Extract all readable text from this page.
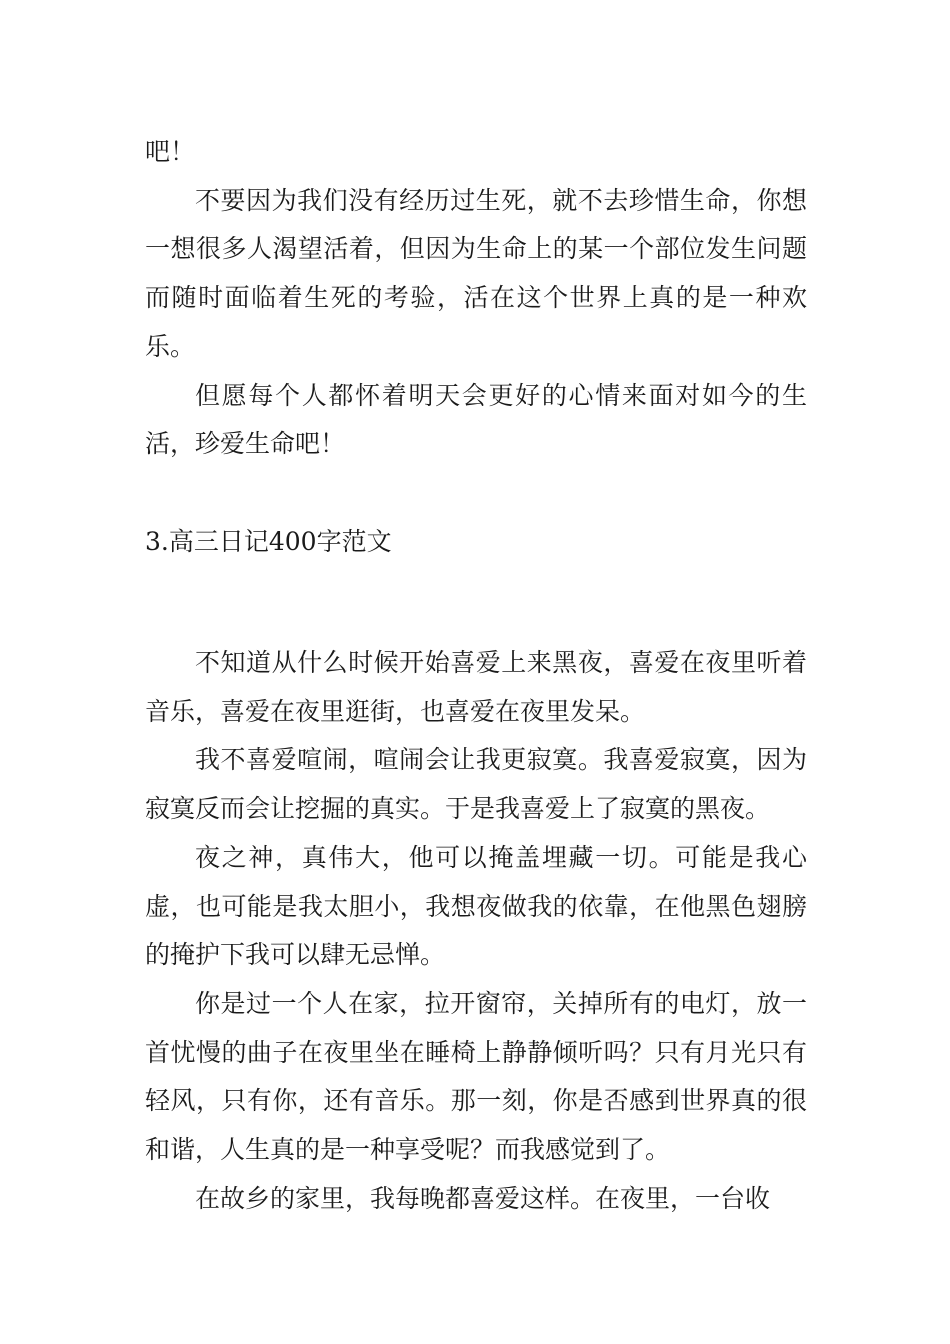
吧！

不要因为我们没有经历过生死，就不去珍惜生命，你想一想很多人渴望活着，但因为生命上的某一个部位发生问题而随时面临着生死的考验，活在这个世界上真的是一种欢乐。

但愿每个人都怀着明天会更好的心情来面对如今的生活，珍爱生命吧！

3.高三日记400字范文

不知道从什么时候开始喜爱上来黑夜，喜爱在夜里听着音乐，喜爱在夜里逛街，也喜爱在夜里发呆。

我不喜爱喧闹，喧闹会让我更寂寞。我喜爱寂寞，因为寂寞反而会让挖掘的真实。于是我喜爱上了寂寞的黑夜。

夜之神，真伟大，他可以掩盖埋藏一切。可能是我心虚，也可能是我太胆小，我想夜做我的依靠，在他黑色翅膀的掩护下我可以肆无忌惮。

你是过一个人在家，拉开窗帘，关掉所有的电灯，放一首忧慢的曲子在夜里坐在睡椅上静静倾听吗？只有月光只有轻风，只有你，还有音乐。那一刻，你是否感到世界真的很和谐，人生真的是一种享受呢？而我感觉到了。

在故乡的家里，我每晚都喜爱这样。在夜里，一台收
